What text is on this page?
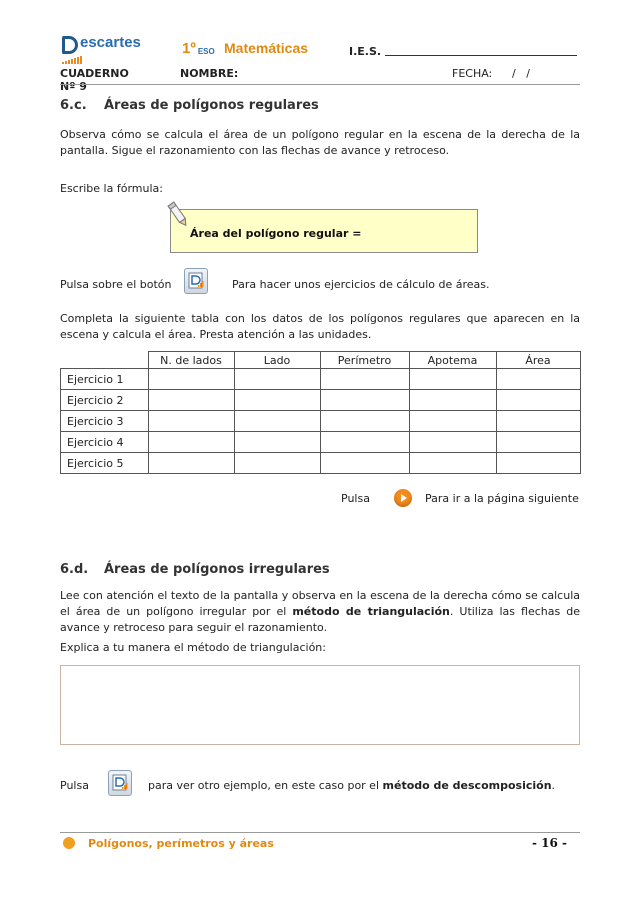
escartes	1º ESO Matemáticas	I.E.S.
CUADERNO Nº 9
NOMBRE:	FECHA: /   /
6.c. Áreas de polígonos regulares

Observa cómo se calcula el área de un polígono regular en la escena de la derecha de la pantalla. Sigue el razonamiento con las flechas de avance y retroceso.

Escribe la fórmula:

Área del polígono regular =

Pulsa sobre el botón	Para hacer unos ejercicios de cálculo de áreas.

Completa la siguiente tabla con los datos de los polígonos regulares que aparecen en la escena y calcula el área. Presta atención a las unidades.

	N. de lados	Lado	Perímetro	Apotema	Área
Ejercicio 1					
Ejercicio 2					
Ejercicio 3					
Ejercicio 4					
Ejercicio 5					

Pulsa	Para ir a la página siguiente

6.d. Áreas de polígonos irregulares

Lee con atención el texto de la pantalla y observa en la escena de la derecha cómo se calcula el área de un polígono irregular por el método de triangulación. Utiliza las flechas de avance y retroceso para seguir el razonamiento.

Explica a tu manera el método de triangulación:

Pulsa	para ver otro ejemplo, en este caso por el método de descomposición.

Polígonos, perímetros y áreas	- 16 -
